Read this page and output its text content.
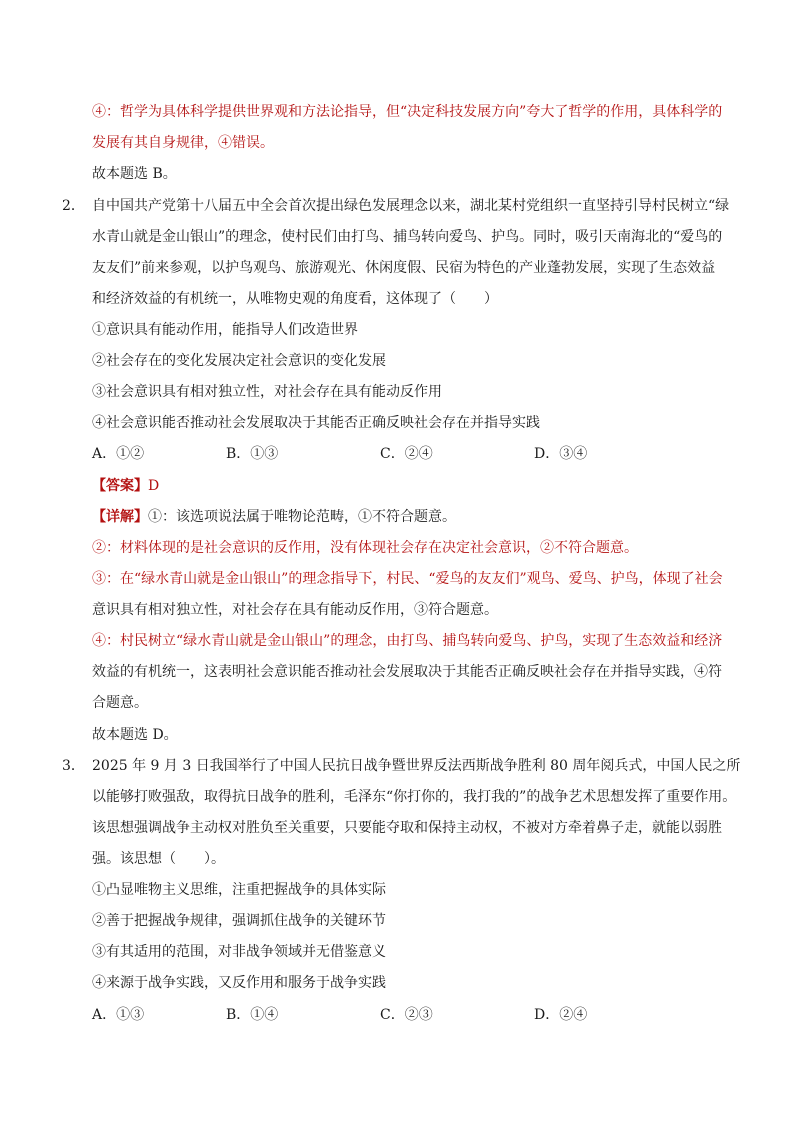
④：哲学为具体科学提供世界观和方法论指导，但“决定科技发展方向”夸大了哲学的作用，具体科学的
发展有其自身规律，④错误。
故本题选 B。
2． 自中国共产党第十八届五中全会首次提出绿色发展理念以来，湖北某村党组织一直坚持引导村民树立“绿
水青山就是金山银山”的理念，使村民们由打鸟、捕鸟转向爱鸟、护鸟。同时，吸引天南海北的“爱鸟的
友友们”前来参观，以护鸟观鸟、旅游观光、休闲度假、民宿为特色的产业蓬勃发展，实现了生态效益
和经济效益的有机统一，从唯物史观的角度看，这体现了（　　）
①意识具有能动作用，能指导人们改造世界
②社会存在的变化发展决定社会意识的变化发展
③社会意识具有相对独立性，对社会存在具有能动反作用
④社会意识能否推动社会发展取决于其能否正确反映社会存在并指导实践
A．①②	B．①③	C．②④	D．③④
【答案】D
【详解】①：该选项说法属于唯物论范畴，①不符合题意。
②：材料体现的是社会意识的反作用，没有体现社会存在决定社会意识，②不符合题意。
③：在“绿水青山就是金山银山”的理念指导下，村民、“爱鸟的友友们”观鸟、爱鸟、护鸟，体现了社会
意识具有相对独立性，对社会存在具有能动反作用，③符合题意。
④：村民树立“绿水青山就是金山银山”的理念，由打鸟、捕鸟转向爱鸟、护鸟，实现了生态效益和经济
效益的有机统一，这表明社会意识能否推动社会发展取决于其能否正确反映社会存在并指导实践，④符
合题意。
故本题选 D。
3． 2025 年 9 月 3 日我国举行了中国人民抗日战争暨世界反法西斯战争胜利 80 周年阅兵式，中国人民之所
以能够打败强敌，取得抗日战争的胜利，毛泽东“你打你的，我打我的”的战争艺术思想发挥了重要作用。
该思想强调战争主动权对胜负至关重要，只要能夺取和保持主动权，不被对方牵着鼻子走，就能以弱胜
强。该思想（　　）。
①凸显唯物主义思维，注重把握战争的具体实际
②善于把握战争规律，强调抓住战争的关键环节
③有其适用的范围，对非战争领域并无借鉴意义
④来源于战争实践，又反作用和服务于战争实践
A．①③	B．①④	C．②③	D．②④
